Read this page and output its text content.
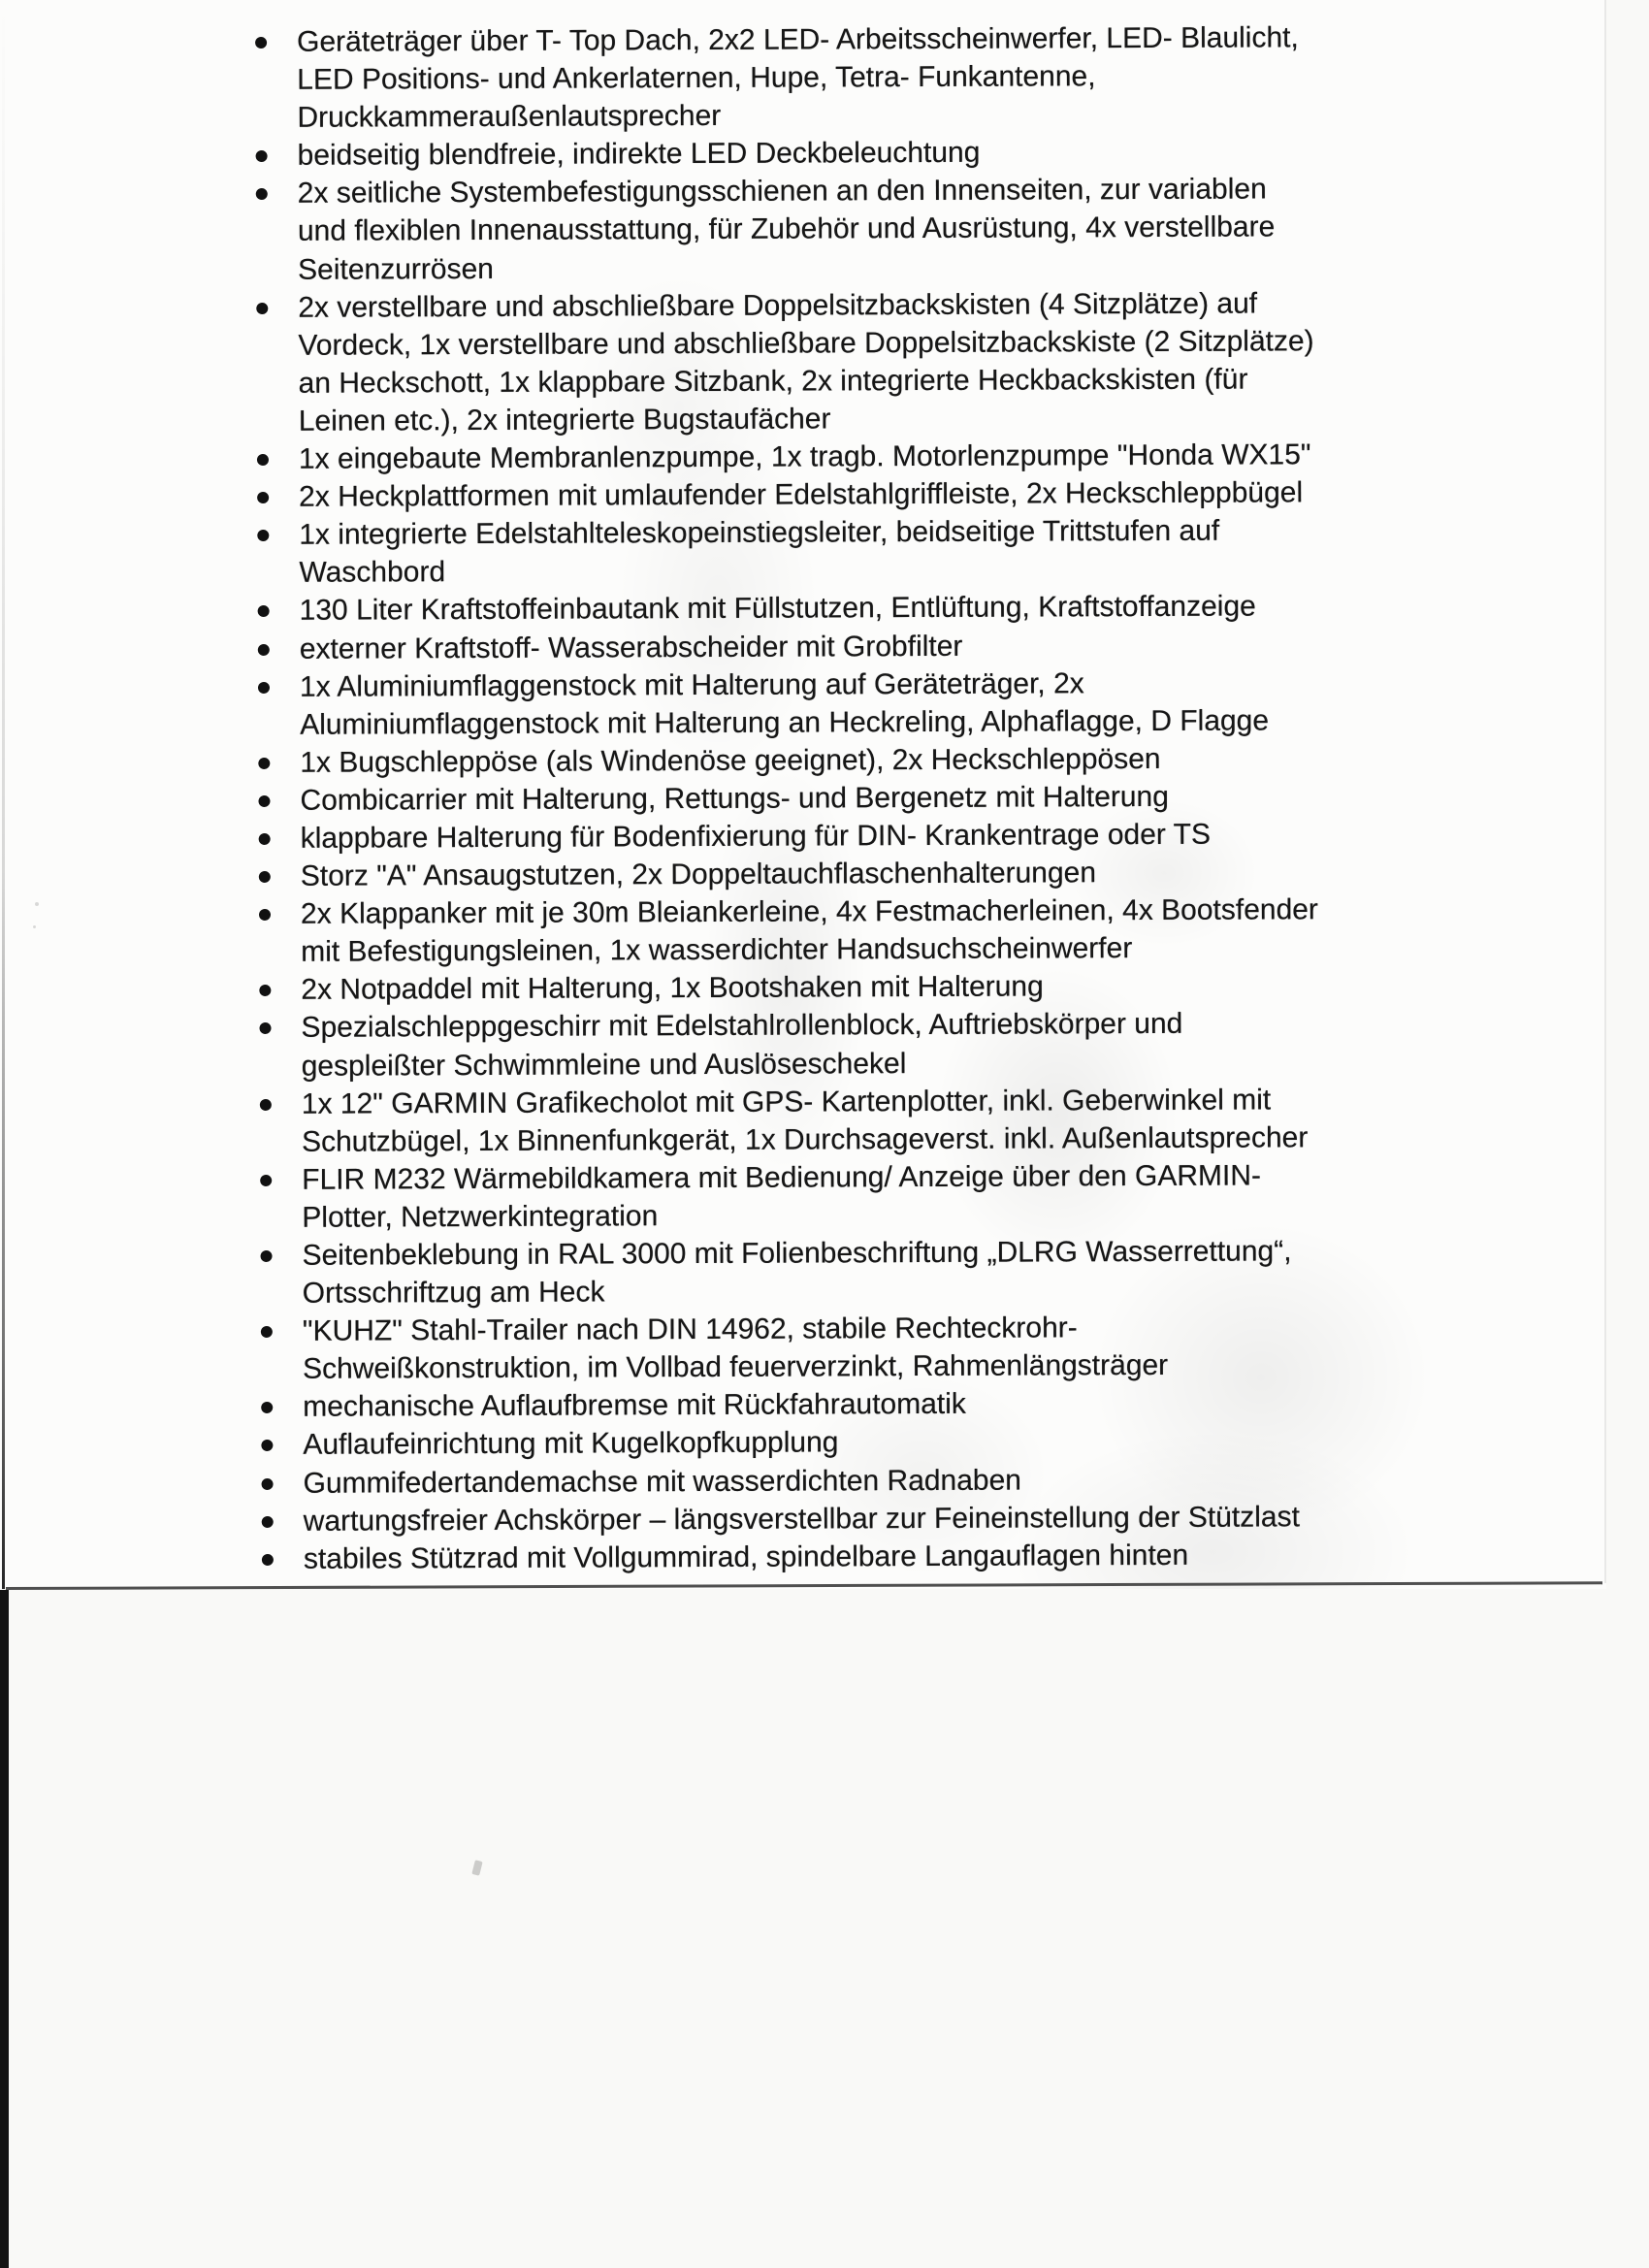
Geräteträger über T- Top Dach, 2x2 LED- Arbeitsscheinwerfer, LED- Blaulicht,
LED Positions- und Ankerlaternen, Hupe, Tetra- Funkantenne,
Druckkammeraußenlautsprecher
beidseitig blendfreie, indirekte LED Deckbeleuchtung
2x seitliche Systembefestigungsschienen an den Innenseiten, zur variablen
und flexiblen Innenausstattung, für Zubehör und Ausrüstung, 4x verstellbare
Seitenzurrösen
2x verstellbare und abschließbare Doppelsitzbackskisten (4 Sitzplätze) auf
Vordeck, 1x verstellbare und abschließbare Doppelsitzbackskiste (2 Sitzplätze)
an Heckschott, 1x klappbare Sitzbank, 2x integrierte Heckbackskisten (für
Leinen etc.), 2x integrierte Bugstaufächer
1x eingebaute Membranlenzpumpe, 1x tragb. Motorlenzpumpe "Honda WX15"
2x Heckplattformen mit umlaufender Edelstahlgriffleiste, 2x Heckschleppbügel
1x integrierte Edelstahlteleskopeinstiegsleiter, beidseitige Trittstufen auf
Waschbord
130 Liter Kraftstoffeinbautank mit Füllstutzen, Entlüftung, Kraftstoffanzeige
externer Kraftstoff- Wasserabscheider mit Grobfilter
1x Aluminiumflaggenstock mit Halterung auf Geräteträger, 2x
Aluminiumflaggenstock mit Halterung an Heckreling, Alphaflagge, D Flagge
1x Bugschleppöse (als Windenöse geeignet), 2x Heckschleppösen
Combicarrier mit Halterung, Rettungs- und Bergenetz mit Halterung
klappbare Halterung für Bodenfixierung für DIN- Krankentrage oder TS
Storz "A" Ansaugstutzen, 2x Doppeltauchflaschenhalterungen
2x Klappanker mit je 30m Bleiankerleine, 4x Festmacherleinen, 4x Bootsfender
mit Befestigungsleinen, 1x wasserdichter Handsuchscheinwerfer
2x Notpaddel mit Halterung, 1x Bootshaken mit Halterung
Spezialschleppgeschirr mit Edelstahlrollenblock, Auftriebskörper und
gespleißter Schwimmleine und Auslöseschekel
1x 12" GARMIN Grafikecholot mit GPS- Kartenplotter, inkl. Geberwinkel mit
Schutzbügel, 1x Binnenfunkgerät, 1x Durchsageverst. inkl. Außenlautsprecher
FLIR M232 Wärmebildkamera mit Bedienung/ Anzeige über den GARMIN-
Plotter, Netzwerkintegration
Seitenbeklebung in RAL 3000 mit Folienbeschriftung „DLRG Wasserrettung“,
Ortsschriftzug am Heck
"KUHZ" Stahl-Trailer nach DIN 14962, stabile Rechteckrohr-
Schweißkonstruktion, im Vollbad feuerverzinkt, Rahmenlängsträger
mechanische Auflaufbremse mit Rückfahrautomatik
Auflaufeinrichtung mit Kugelkopfkupplung
Gummifedertandemachse mit wasserdichten Radnaben
wartungsfreier Achskörper – längsverstellbar zur Feineinstellung der Stützlast
stabiles Stützrad mit Vollgummirad, spindelbare Langauflagen hinten
